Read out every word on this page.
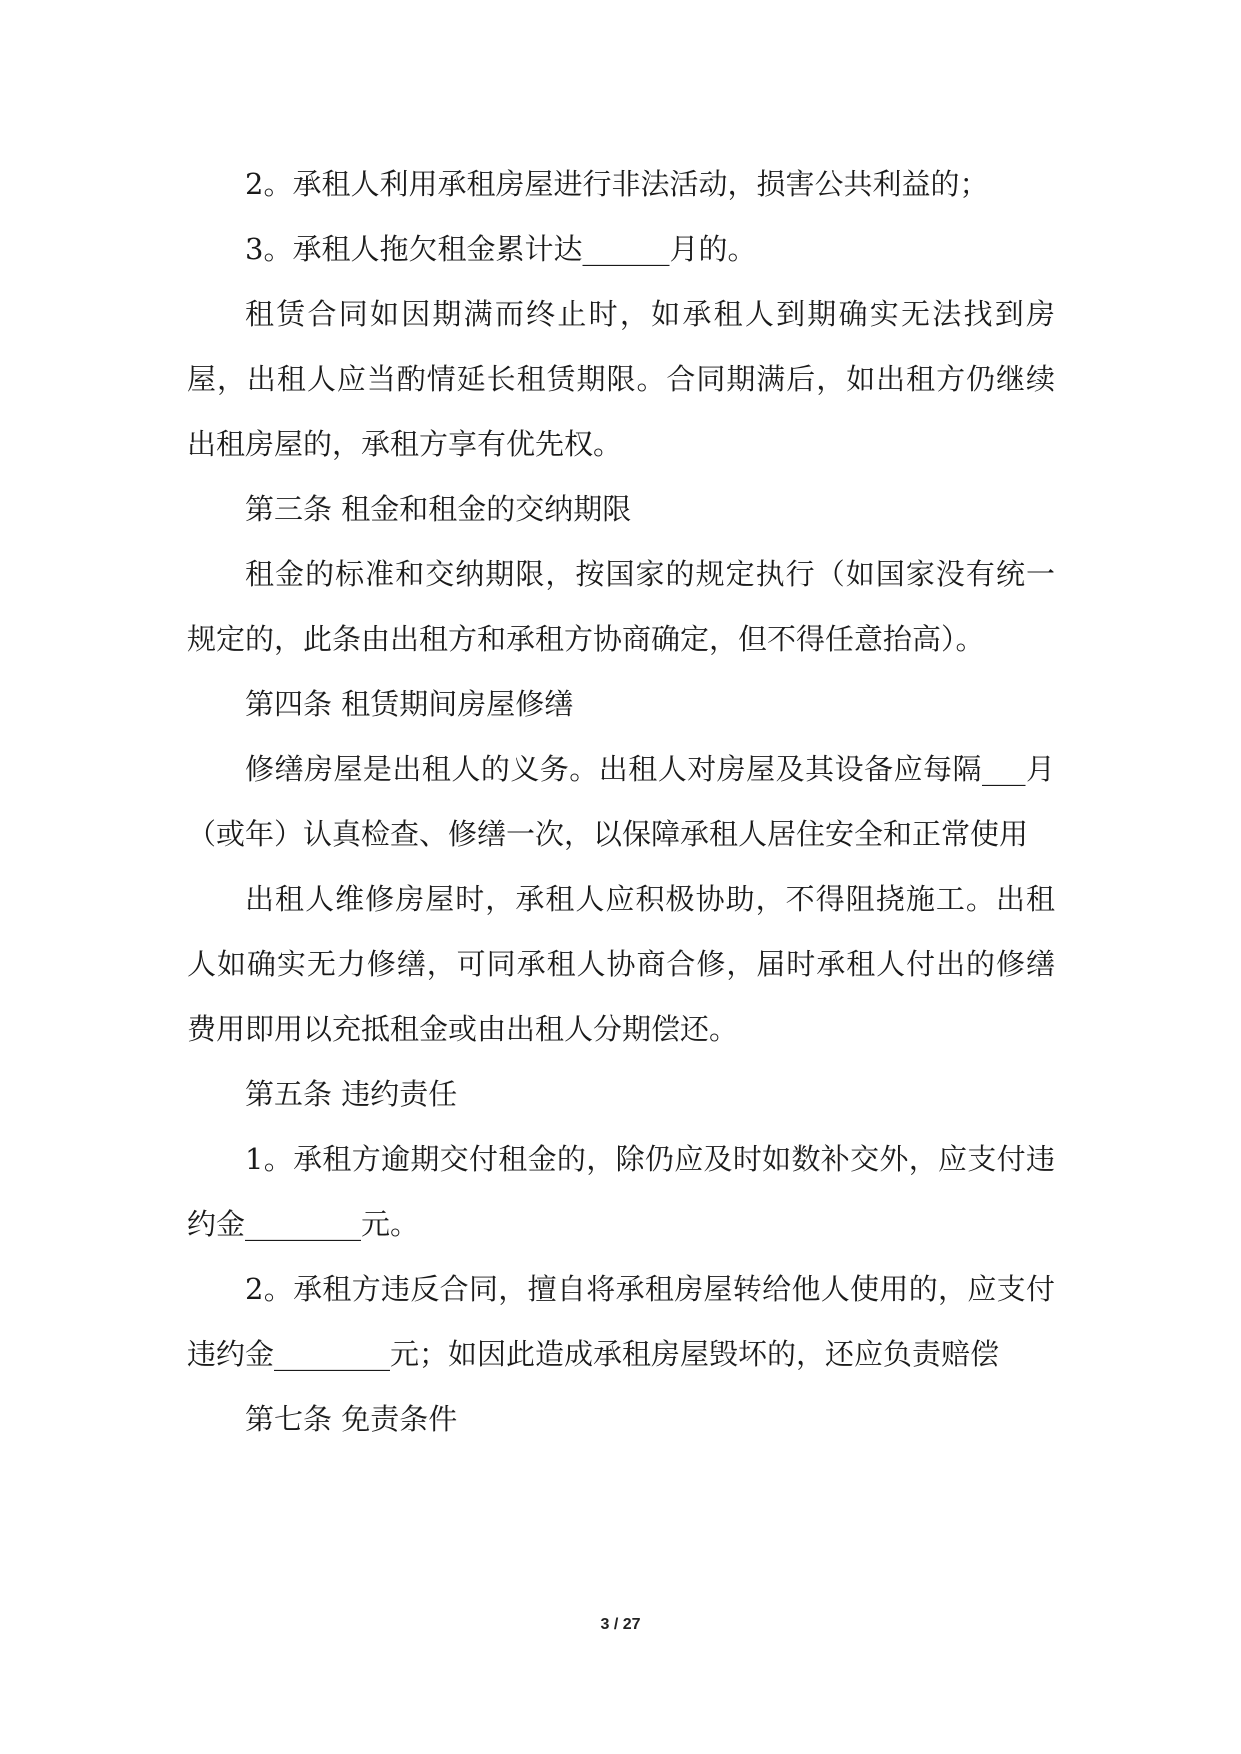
2。承租人利用承租房屋进行非法活动，损害公共利益的；

3。承租人拖欠租金累计达______月的。

租赁合同如因期满而终止时，如承租人到期确实无法找到房屋，出租人应当酌情延长租赁期限。合同期满后，如出租方仍继续出租房屋的，承租方享有优先权。

第三条 租金和租金的交纳期限

租金的标准和交纳期限，按国家的规定执行（如国家没有统一规定的，此条由出租方和承租方协商确定，但不得任意抬高）。

第四条 租赁期间房屋修缮

修缮房屋是出租人的义务。出租人对房屋及其设备应每隔___月（或年）认真检查、修缮一次，以保障承租人居住安全和正常使用

出租人维修房屋时，承租人应积极协助，不得阻挠施工。出租人如确实无力修缮，可同承租人协商合修，届时承租人付出的修缮费用即用以充抵租金或由出租人分期偿还。

第五条 违约责任

1。承租方逾期交付租金的，除仍应及时如数补交外，应支付违约金________元。

2。承租方违反合同，擅自将承租房屋转给他人使用的，应支付违约金________元；如因此造成承租房屋毁坏的，还应负责赔偿

第七条 免责条件

3 / 27
